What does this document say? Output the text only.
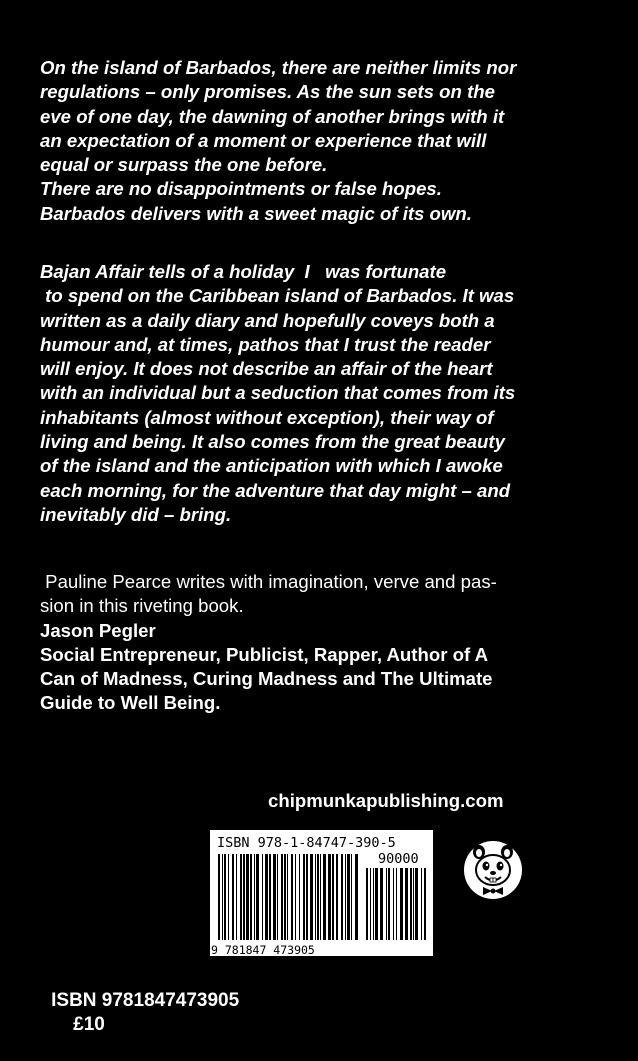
On the island of Barbados, there are neither limits nor
regulations – only promises. As the sun sets on the
eve of one day, the dawning of another brings with it
an expectation of a moment or experience that will
equal or surpass the one before.
There are no disappointments or false hopes.
Barbados delivers with a sweet magic of its own.
Bajan Affair tells of a holiday  I   was fortunate
to spend on the Caribbean island of Barbados. It was
written as a daily diary and hopefully coveys both a
humour and, at times, pathos that I trust the reader
will enjoy. It does not describe an affair of the heart
with an individual but a seduction that comes from its
inhabitants (almost without exception), their way of
living and being. It also comes from the great beauty
of the island and the anticipation with which I awoke
each morning, for the adventure that day might – and
inevitably did – bring.
Pauline Pearce writes with imagination, verve and pas-
sion in this riveting book.
Jason Pegler
Social Entrepreneur, Publicist, Rapper, Author of A
Can of Madness, Curing Madness and The Ultimate
Guide to Well Being.
chipmunkapublishing.com
ISBN 978-1-84747-390-5
90000
9 781847 473905

ISBN 9781847473905
£10
